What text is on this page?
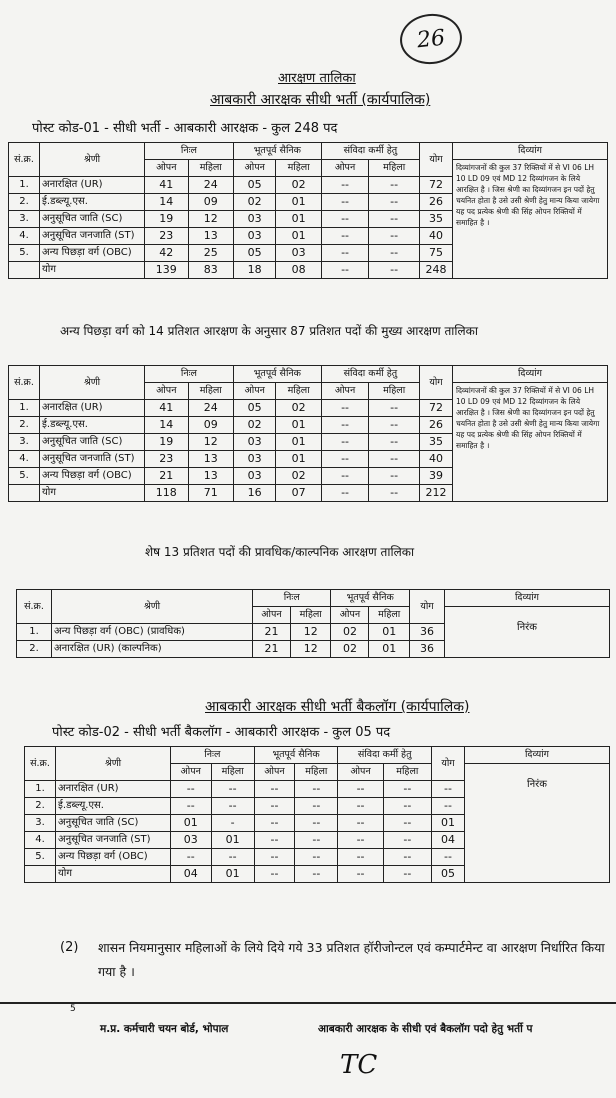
26
आरक्षण तालिका
आबकारी आरक्षक सीधी भर्ती (कार्यपालिक)
पोस्ट कोड-01 - सीधी भर्ती - आबकारी आरक्षक - कुल 248 पद
सं.क्र.	श्रेणी	निःल		भूतपूर्व सैनिक		संविदा कर्मी हेतु		योग	दिव्यांग
		ओपन	महिला	ओपन	महिला	ओपन	महिला		दिव्यांगजनों की कुल 37 रिक्तियों में से VI 06 LH 10 LD 09 एवं MD 12 दिव्यांगजन के लिये आरक्षित है । जिस श्रेणी का दिव्यांगजन इन पदों हेतु चयनित होता है उसे उसी श्रेणी हेतु मान्य किया जायेगा यह पद प्रत्येक श्रेणी की सिंह ओपन रिक्तियों में समाहित है ।
1.	अनारक्षित (UR)	41	24	05	02	--	--	72	
2.	ई.डब्ल्यू.एस.	14	09	02	01	--	--	26	
3.	अनुसूचित जाति (SC)	19	12	03	01	--	--	35	
4.	अनुसूचित जनजाति (ST)	23	13	03	01	--	--	40	
5.	अन्य पिछड़ा वर्ग (OBC)	42	25	05	03	--	--	75	
	योग	139	83	18	08	--	--	248	
अन्य पिछड़ा वर्ग को 14 प्रतिशत आरक्षण के अनुसार 87 प्रतिशत पदों की मुख्य आरक्षण तालिका
सं.क्र.	श्रेणी	निःल		भूतपूर्व सैनिक		संविदा कर्मी हेतु		योग	दिव्यांग
		ओपन	महिला	ओपन	महिला	ओपन	महिला		दिव्यांगजनों की कुल 37 रिक्तियों में से VI 06 LH 10 LD 09 एवं MD 12 दिव्यांगजन के लिये आरक्षित है । जिस श्रेणी का दिव्यांगजन इन पदों हेतु चयनित होता है उसे उसी श्रेणी हेतु मान्य किया जायेगा यह पद प्रत्येक श्रेणी की सिंह ओपन रिक्तियों में समाहित है ।
1.	अनारक्षित (UR)	41	24	05	02	--	--	72	
2.	ई.डब्ल्यू.एस.	14	09	02	01	--	--	26	
3.	अनुसूचित जाति (SC)	19	12	03	01	--	--	35	
4.	अनुसूचित जनजाति (ST)	23	13	03	01	--	--	40	
5.	अन्य पिछड़ा वर्ग (OBC)	21	13	03	02	--	--	39	
	योग	118	71	16	07	--	--	212	
शेष 13 प्रतिशत पदों की प्रावधिक/काल्पनिक आरक्षण तालिका
सं.क्र.	श्रेणी	निःल		भूतपूर्व सैनिक		योग	दिव्यांग
		ओपन	महिला	ओपन	महिला		निरंक
1.	अन्य पिछड़ा वर्ग (OBC) (प्रावधिक)	21	12	02	01	36	
2.	अनारक्षित (UR) (काल्पनिक)	21	12	02	01	36	
आबकारी आरक्षक सीधी भर्ती बैकलॉग (कार्यपालिक)
पोस्ट कोड-02 - सीधी भर्ती बैकलॉग - आबकारी आरक्षक - कुल 05 पद
सं.क्र.	श्रेणी	निःल		भूतपूर्व सैनिक		संविदा कर्मी हेतु		योग	दिव्यांग
		ओपन	महिला	ओपन	महिला	ओपन	महिला		निरंक
1.	अनारक्षित (UR)	--	--	--	--	--	--	--	
2.	ई.डब्ल्यू.एस.	--	--	--	--	--	--	--	
3.	अनुसूचित जाति (SC)	01	-	--	--	--	--	01	
4.	अनुसूचित जनजाति (ST)	03	01	--	--	--	--	04	
5.	अन्य पिछड़ा वर्ग (OBC)	--	--	--	--	--	--	--	
	योग	04	01	--	--	--	--	05	
(2) शासन नियमानुसार महिलाओं के लिये दिये गये 33 प्रतिशत हॉरीजोन्टल एवं कम्पार्टमेन्ट वा आरक्षण निर्धारित किया गया है ।
5
म.प्र. कर्मचारी चयन बोर्ड, भोपाल	आबकारी आरक्षक के सीधी एवं बैकलॉग पदो हेतु भर्ती प
TC
